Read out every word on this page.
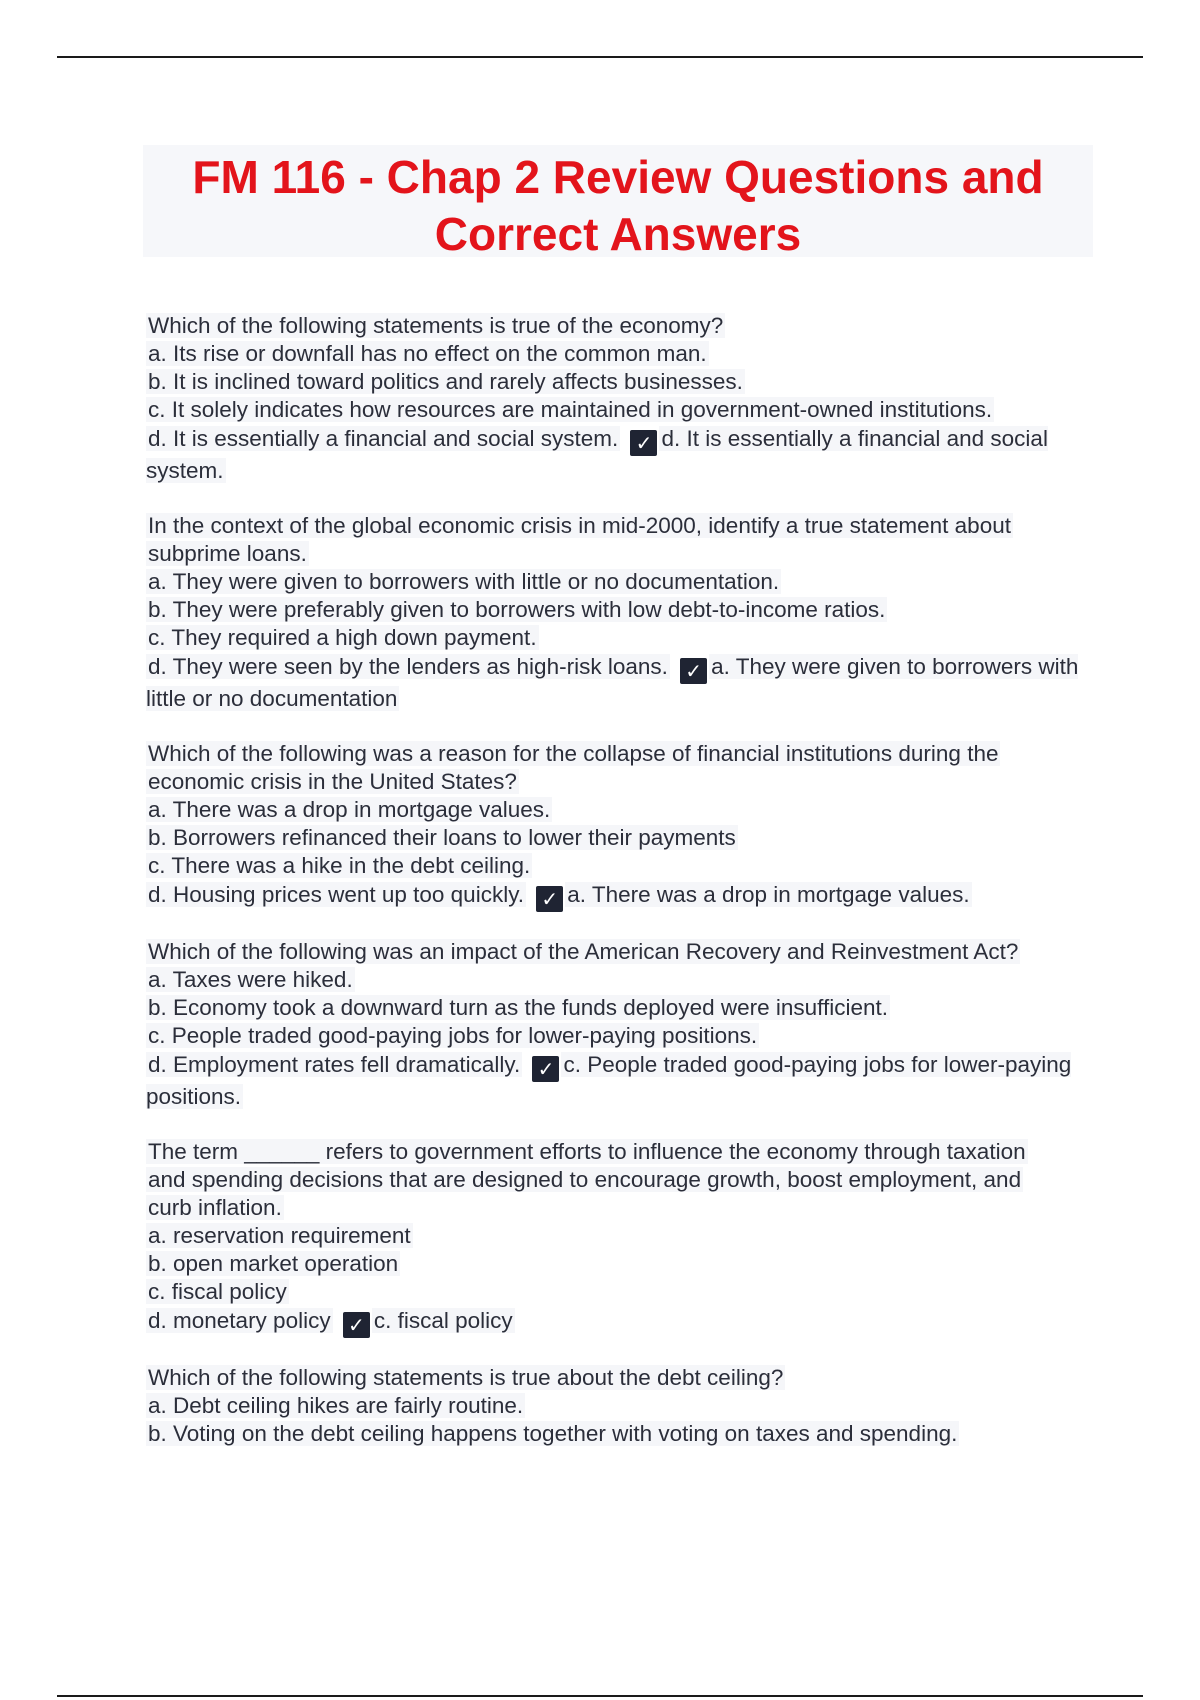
FM 116 - Chap 2 Review Questions and Correct Answers
Which of the following statements is true of the economy?
a. Its rise or downfall has no effect on the common man.
b. It is inclined toward politics and rarely affects businesses.
c. It solely indicates how resources are maintained in government-owned institutions.
d. It is essentially a financial and social system. ✓ d. It is essentially a financial and social system.
In the context of the global economic crisis in mid-2000, identify a true statement about
subprime loans.
a. They were given to borrowers with little or no documentation.
b. They were preferably given to borrowers with low debt-to-income ratios.
c. They required a high down payment.
d. They were seen by the lenders as high-risk loans. ✓ a. They were given to borrowers with little or no documentation
Which of the following was a reason for the collapse of financial institutions during the
economic crisis in the United States?
a. There was a drop in mortgage values.
b. Borrowers refinanced their loans to lower their payments
c. There was a hike in the debt ceiling.
d. Housing prices went up too quickly. ✓ a. There was a drop in mortgage values.
Which of the following was an impact of the American Recovery and Reinvestment Act?
a. Taxes were hiked.
b. Economy took a downward turn as the funds deployed were insufficient.
c. People traded good-paying jobs for lower-paying positions.
d. Employment rates fell dramatically. ✓ c. People traded good-paying jobs for lower-paying positions.
The term ______ refers to government efforts to influence the economy through taxation
and spending decisions that are designed to encourage growth, boost employment, and
curb inflation.
a. reservation requirement
b. open market operation
c. fiscal policy
d. monetary policy ✓ c. fiscal policy
Which of the following statements is true about the debt ceiling?
a. Debt ceiling hikes are fairly routine.
b. Voting on the debt ceiling happens together with voting on taxes and spending.
